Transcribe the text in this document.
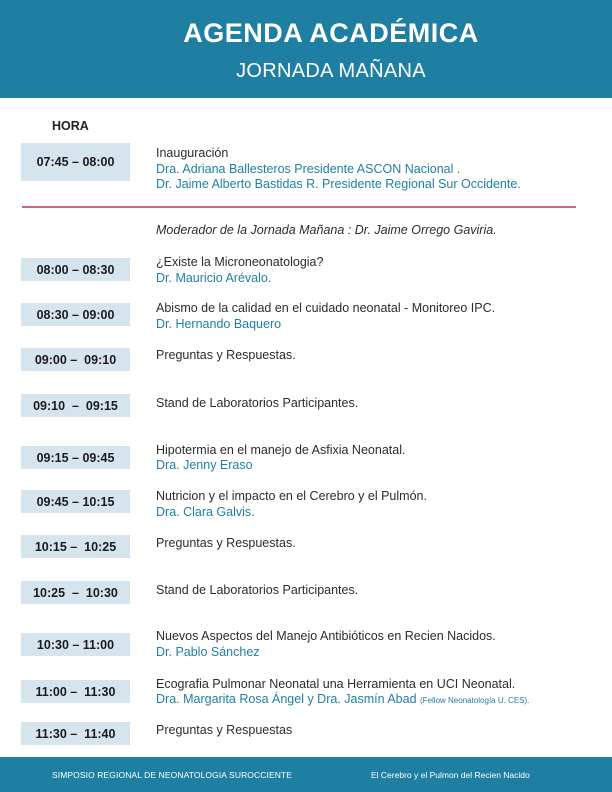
AGENDA ACADÉMICA
JORNADA MAÑANA
HORA
07:45 – 08:00
Inauguración
Dra. Adriana Ballesteros Presidente ASCON Nacional .
Dr. Jaime Alberto Bastidas R. Presidente Regional Sur Occidente.
Moderador de la Jornada Mañana : Dr. Jaime Orrego Gaviria.
08:00 – 08:30
¿Existe la Microneonatologia?
Dr. Mauricio Arévalo.
08:30 – 09:00	Abismo de la calidad en el cuidado neonatal - Monitoreo IPC.
Dr. Hernando Baquero
09:00 –  09:10	Preguntas y Respuestas.
09:10  –  09:15	Stand de Laboratorios Participantes.
09:15 – 09:45
Hipotermia en el manejo de Asfixia Neonatal.
Dra. Jenny Eraso
09:45 – 10:15	Nutricion y el impacto en el Cerebro y el Pulmón.
Dra. Clara Galvis.
10:15 –  10:25	Preguntas y Respuestas.
10:25  –  10:30	Stand de Laboratorios Participantes.
10:30 – 11:00
Nuevos Aspectos del Manejo Antibióticos en Recien Nacidos.
Dr. Pablo Sánchez
11:00 –  11:30
Ecografia Pulmonar Neonatal una Herramienta en UCI Neonatal.
Dra. Margarita Rosa Ángel y Dra. Jasmín Abad (Fellow Neonatología U. CES).
11:30 –  11:40	Preguntas y Respuestas
SIMPOSIO REGIONAL DE NEONATOLOGIA SUROCCIENTE	El Cerebro y el Pulmon del Recien Nacido
